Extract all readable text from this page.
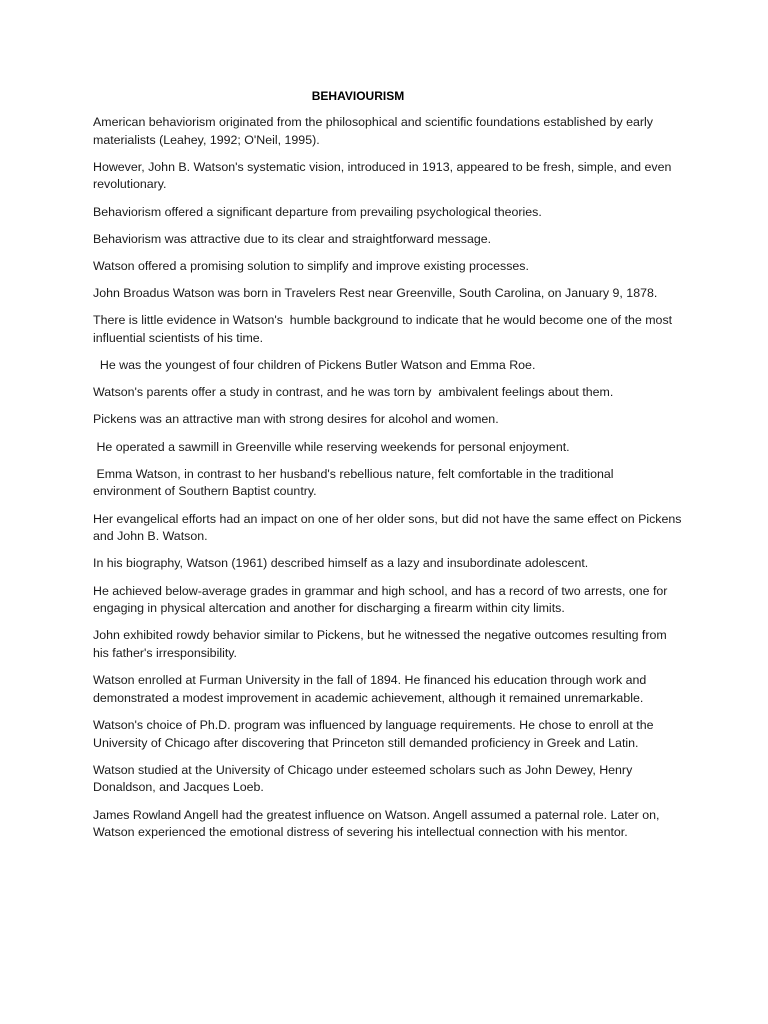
BEHAVIOURISM

American behaviorism originated from the philosophical and scientific foundations established by early materialists (Leahey, 1992; O'Neil, 1995).

However, John B. Watson's systematic vision, introduced in 1913, appeared to be fresh, simple, and even revolutionary.

Behaviorism offered a significant departure from prevailing psychological theories.

Behaviorism was attractive due to its clear and straightforward message.

Watson offered a promising solution to simplify and improve existing processes.

John Broadus Watson was born in Travelers Rest near Greenville, South Carolina, on January 9, 1878.

There is little evidence in Watson's  humble background to indicate that he would become one of the most influential scientists of his time.

He was the youngest of four children of Pickens Butler Watson and Emma Roe.

Watson's parents offer a study in contrast, and he was torn by  ambivalent feelings about them.

Pickens was an attractive man with strong desires for alcohol and women.

He operated a sawmill in Greenville while reserving weekends for personal enjoyment.

Emma Watson, in contrast to her husband's rebellious nature, felt comfortable in the traditional environment of Southern Baptist country.

Her evangelical efforts had an impact on one of her older sons, but did not have the same effect on Pickens and John B. Watson.

In his biography, Watson (1961) described himself as a lazy and insubordinate adolescent.

He achieved below-average grades in grammar and high school, and has a record of two arrests, one for engaging in physical altercation and another for discharging a firearm within city limits.

John exhibited rowdy behavior similar to Pickens, but he witnessed the negative outcomes resulting from his father's irresponsibility.

Watson enrolled at Furman University in the fall of 1894. He financed his education through work and demonstrated a modest improvement in academic achievement, although it remained unremarkable.

Watson's choice of Ph.D. program was influenced by language requirements. He chose to enroll at the University of Chicago after discovering that Princeton still demanded proficiency in Greek and Latin.

Watson studied at the University of Chicago under esteemed scholars such as John Dewey, Henry Donaldson, and Jacques Loeb.

James Rowland Angell had the greatest influence on Watson. Angell assumed a paternal role. Later on, Watson experienced the emotional distress of severing his intellectual connection with his mentor.
